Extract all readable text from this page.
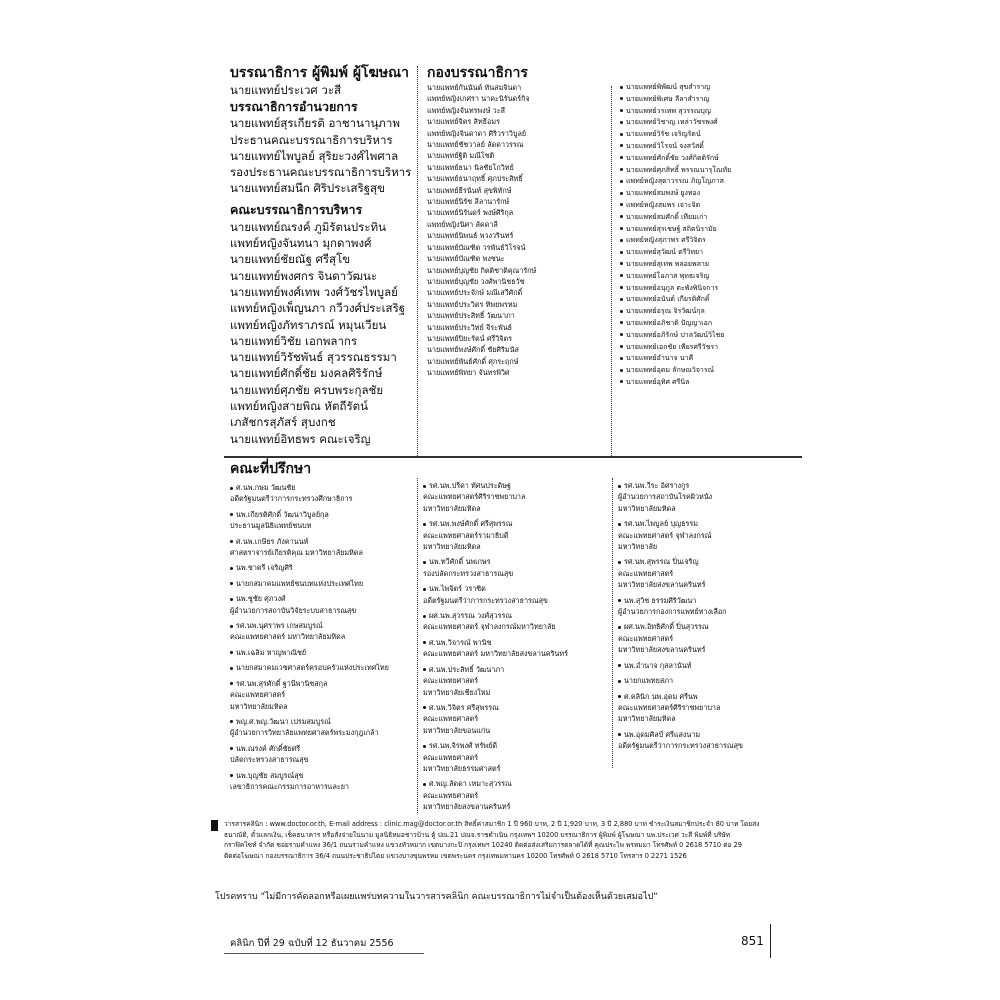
บรรณาธิการ ผู้พิมพ์ ผู้โฆษณา
นายแพทย์ประเวศ วะสี
บรรณาธิการอำนวยการ
นายแพทย์สุรเกียรติ อาชานานุภาพ
ประธานคณะบรรณาธิการบริหาร
นายแพทย์ไพบูลย์ สุริยะวงศ์ไพศาล
รองประธานคณะบรรณาธิการบริหาร
นายแพทย์สมนึก ศิริประเสริฐสุข
คณะบรรณาธิการบริหาร
นายแพทย์ณรงค์ ภูมิรัตนประทิน
แพทย์หญิงจันทนา มุกดาพงศ์
นายแพทย์ชัยณัฐ ศรีสุโข
นายแพทย์พงศกร จินดาวัฒนะ
นายแพทย์พงศ์เทพ วงศ์วัชรไพบูลย์
แพทย์หญิงเพ็ญนภา กวีวงศ์ประเสริฐ
แพทย์หญิงภัทราภรณ์ หมุนเวียน
นายแพทย์วิชัย เอกพลากร
นายแพทย์วิรัชพันธ์ สุวรรณธรรมา
นายแพทย์ศักดิ์ชัย มงคลศิริรักษ์
นายแพทย์ศุภชัย ครบพระกุลชัย
แพทย์หญิงสายพิณ หัตถีรัตน์
เภสัชกรสุภัสร์ สุบงกช
นายแพทย์อิทธพร คณะเจริญ
กองบรรณาธิการ
นายแพทย์กันนันต์ ทันสมจินดา
แพทย์หญิงเกศรา นาคะนิรันดร์กิจ
แพทย์หญิงจันทรพงษ์ วะสี
นายแพทย์จิตร สิทธีอมร
แพทย์หญิงจินดาดา ศิริวราวิบูลย์
นายแพทย์ชัชวาลย์ ลัดดาวรรณ
นายแพทย์ฐิติ มณีโชติ
นายแพทย์ธนา นิลชัยโกวิทย์
นายแพทย์ธนาฤทธิ์ ศุภประสิทธิ์
นายแพทย์ธีรนันท์ สุขพิทักษ์
นายแพทย์นิรัช ลีลานารักษ์
นายแพทย์นิรันดร์ พงษ์ศิริกุล
แพทย์หญิงนิศา ลัคดาลี
นายแพทย์นิพนธ์ พวงวรินทร์
นายแพทย์บัณฑิต วรพันธ์วิโรจน์
นายแพทย์บัณฑิต พงชนะ
นายแพทย์บุญชัย กิตติชาติคุณารักษ์
นายแพทย์บุญชัย วงศ์พานิชธวัช
นายแพทย์ประจักษ์ มณีเสวีศักดิ์
นายแพทย์ประวิตร ทิพยพรหม
นายแพทย์ประสิทธิ์ วัฒนาภา
นายแพทย์ประวิทย์ จีระพันธ์
นายแพทย์ปิยะรัตน์ ศรีวิจิตร
นายแพทย์พงษ์ศักดิ์ ชัยศิริมนัส
นายแพทย์พันธ์ศักดิ์ ศุกระฤกษ์
นายแพทย์พิทยา จันทรพิวิศ
นายแพทย์พิพัฒน์ สุขสำราญ
นายแพทย์พิเศษ ลีลาสำราญ
นายแพทย์วรเทพ สุวรรณบุญ
นายแพทย์วิชาญ เหล่าวัชรพงศ์
นายแพทย์วิรัช เจริญรัตน์
นายแพทย์วิโรจน์ จงสวัสดิ์
นายแพทย์ศักดิ์ชัย วงศ์กิตติรักษ์
นายแพทย์ศุภสิทธิ์ พรรณนารุโณทัย
แพทย์หญิงสุดาวรรณ ภิญโญภาส
นายแพทย์สมพงษ์ ยูงทอง
แพทย์หญิงสมพร เจาะจิต
นายแพทย์สมศักดิ์ เทียมเก่า
นายแพทย์สุรเชษฐ์ สถิตนิรามัย
แพทย์หญิงสุภาพร ศรีวิจิตร
นายแพทย์สุวัฒน์ ตรีวิทยา
นายแพทย์สุเทพ พลอยพลาย
นายแพทย์โอภาส พุทธเจริญ
นายแพทย์อนุกูล ตะพังพินิจการ
นายแพทย์อนันต์ เกียรติศักดิ์
นายแพทย์อรุณ จิรวัฒน์กุล
นายแพทย์อภิชาติ ปัญญาเอก
นายแพทย์อภิรักษ์ ปาลวัฒน์วิไชย
นายแพทย์เอกชัย เพียรศรีวัชรา
นายแพทย์อำนาจ นาคี
นายแพทย์อุดม ลักษณวิจารณ์
นายแพทย์อุทิศ ศรีนิล
คณะที่ปรึกษา
ศ.นพ.กษม วัฒนชัย
อดีตรัฐมนตรีว่าการกระทรวงศึกษาธิการ
นพ.เกียรติศักดิ์ วัฒนาวิบูลย์กุล
ประธานมูลนิธิแพทย์ชนบท
ศ.นพ.เกษียร ภังคานนท์
ศาสตราจารย์เกียรติคุณ มหาวิทยาลัยมหิดล
นพ.ชาตรี เจริญศิริ
นายกสมาคมแพทย์ชนบทแห่งประเทศไทย
นพ.ชูชัย ศุภวงศ์
ผู้อำนวยการสถาบันวิจัยระบบสาธารณสุข
รศ.นพ.นุศราพร เกษสมบูรณ์
คณะแพทยศาสตร์ มหาวิทยาลัยมหิดล
นพ.เฉลิม หาญพาณิชย์
นายกสมาคมเวชศาสตร์ครอบครัวแห่งประเทศไทย
รศ.นพ.สุรศักดิ์ ฐานีพานิชสกุล
คณะแพทยศาสตร์
มหาวิทยาลัยมหิดล
พญ.ศ.พญ.วัฒนา เปรมสมบูรณ์
ผู้อำนวยการวิทยาลัยแพทยศาสตร์พระมงกุฎเกล้า
นพ.ณรงค์ ศักดิ์ชัยศรี
ปลัดกระทรวงสาธารณสุข
นพ.บุญชัย สมบูรณ์สุข
เลขาธิการคณะกรรมการอาหารและยา
รศ.นพ.ปรีดา ทัศนประดิษฐ
คณะแพทยศาสตร์ศิริราชพยาบาล
มหาวิทยาลัยมหิดล
รศ.นพ.พงษ์ศักดิ์ ศรีสุพรรณ
คณะแพทยศาสตร์รามาธิบดี
มหาวิทยาลัยมหิดล
นพ.ทวีศักดิ์ นพเกษร
รองปลัดกระทรวงสาธารณสุข
นพ.ไพจิตร์ วราชิต
อดีตรัฐมนตรีว่าการกระทรวงสาธารณสุข
ผศ.นพ.สุวรรณ วงศ์สุวรรณ
คณะแพทยศาสตร์ จุฬาลงกรณ์มหาวิทยาลัย
ศ.นพ.วิจารณ์ พานิช
คณะแพทยศาสตร์ มหาวิทยาลัยสงขลานครินทร์
ศ.นพ.ประสิทธิ์ วัฒนาภา
คณะแพทยศาสตร์
มหาวิทยาลัยเชียงใหม่
ศ.นพ.วิจิตร ศรีสุพรรณ
คณะแพทยศาสตร์
มหาวิทยาลัยขอนแก่น
รศ.นพ.จิรพงศ์ ทรัพย์ดี
คณะแพทยศาสตร์
มหาวิทยาลัยธรรมศาสตร์
ศ.พญ.ลัดดา เหมาะสุวรรณ
คณะแพทยศาสตร์
มหาวิทยาลัยสงขลานครินทร์
รศ.นพ.วีระ อิศรางกูร
ผู้อำนวยการสถาบันโรคผิวหนัง
มหาวิทยาลัยมหิดล
รศ.นพ.ไพบูลย์ บุญธรรม
คณะแพทยศาสตร์ จุฬาลงกรณ์
มหาวิทยาลัย
รศ.นพ.สุพรรณ ปิ่นเจริญ
คณะแพทยศาสตร์
มหาวิทยาลัยสงขลานครินทร์
นพ.สุวิช ธรรมศิริวัฒนา
ผู้อำนวยการกองการแพทย์ทางเลือก
ผศ.นพ.อิทธิศักดิ์ ปิ่นสุวรรณ
คณะแพทยศาสตร์
มหาวิทยาลัยสงขลานครินทร์
นพ.อำนาจ กุสลานันท์
นายกแพทยสภา
ศ.คลินิก นพ.อุดม ศรีนพ
คณะแพทยศาสตร์ศิริราชพยาบาล
มหาวิทยาลัยมหิดล
นพ.อุดมศิลป์ ศรีแสงนาม
อดีตรัฐมนตรีว่าการกระทรวงสาธารณสุข
วารสารคลินิก : www.doctor.or.th, E-mail address : clinic.mag@doctor.or.th สิทธิ์ค่าสมาชิก 1 ปี 960 บาท, 2 ปี 1,920 บาท, 3 ปี 2,880 บาท ชำระเงินสมาชิกประจำ 80 บาท โดยส่ง
ธนาณัติ, ตั๋วแลกเงิน, เช็คธนาคาร หรือสั่งจ่ายในนาม มูลนิธิหมอชาวบ้าน ตู้ ปณ.21 ปณจ.ราชดำเนิน กรุงเทพฯ 10200 บรรณาธิการ ผู้พิมพ์ ผู้โฆษณา นพ.ประเวศ วะสี พิมพ์ที่ บริษัท
กราฟิคไซท์ จำกัด ซอยรามคำแหง 36/1 ถนนรามคำแหง แขวงหัวหมาก เขตบางกะปิ กรุงเทพฯ 10240 ติดต่อส่งเสริมการตลาดได้ที่ คุณประไพ พรหมมา โทรศัพท์ 0 2618 5710 ต่อ 29
ติดต่อโฆษณา กองบรรณาธิการ 36/4 ถนนประชาธิปไตย แขวงบางขุนพรหม เขตพระนคร กรุงเทพมหานคร 10200 โทรศัพท์ 0 2618 5710 โทรสาร 0 2271 1526
โปรดทราบ "ไม่มีการคัดลอกหรือเผยแพร่บทความในวารสารคลินิก คณะบรรณาธิการไม่จำเป็นต้องเห็นด้วยเสมอไป"
คลินิก ปีที่ 29 ฉบับที่ 12 ธันวาคม 2556	851
